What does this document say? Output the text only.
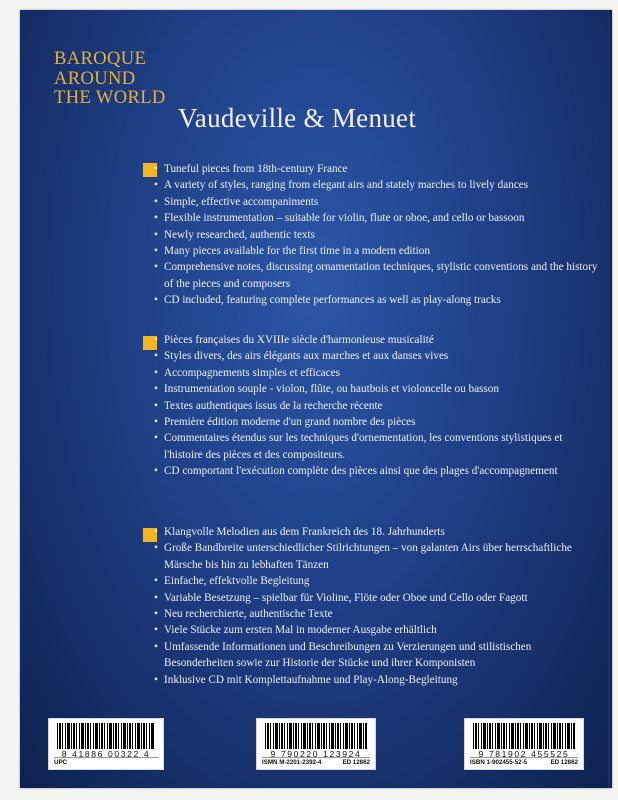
BAROQUE
AROUND
THE WORLD
Vaudeville & Menuet
• Tuneful pieces from 18th-century France
• A variety of styles, ranging from elegant airs and stately marches to lively dances
• Simple, effective accompaniments
• Flexible instrumentation – suitable for violin, flute or oboe, and cello or bassoon
• Newly researched, authentic texts
• Many pieces available for the first time in a modern edition
• Comprehensive notes, discussing ornamentation techniques, stylistic conventions and the history of the pieces and composers
• CD included, featuring complete performances as well as play-along tracks
• Pièces françaises du XVIIIe siècle d'harmonieuse musicalité
• Styles divers, des airs élégants aux marches et aux danses vives
• Accompagnements simples et efficaces
• Instrumentation souple - violon, flûte, ou hautbois et violoncelle ou basson
• Textes authentiques issus de la recherche récente
• Première édition moderne d'un grand nombre des pièces
• Commentaires étendus sur les techniques d'ornementation, les conventions stylistiques et l'histoire des pièces et des compositeurs.
• CD comportant l'exécution complète des pièces ainsi que des plages d'accompagnement
• Klangvolle Melodien aus dem Frankreich des 18. Jahrhunderts
• Große Bandbreite unterschiedlicher Stilrichtungen – von galanten Airs über herrschaftliche Märsche bis hin zu lebhaften Tänzen
• Einfache, effektvolle Begleitung
• Variable Besetzung – spielbar für Violine, Flöte oder Oboe und Cello oder Fagott
• Neu recherchierte, authentische Texte
• Viele Stücke zum ersten Mal in moderner Ausgabe erhältlich
• Umfassende Informationen und Beschreibungen zu Verzierungen und stilistischen Besonderheiten sowie zur Historie der Stücke und ihrer Komponisten
• Inklusive CD mit Komplettaufnahme und Play-Along-Begleitung
8 41886 00322 4
UPC
9 790220 123924
ISMN M-2201-2392-4	ED 12862
9 781902 455525
ISBN 1-902455-52-5	ED 12862
